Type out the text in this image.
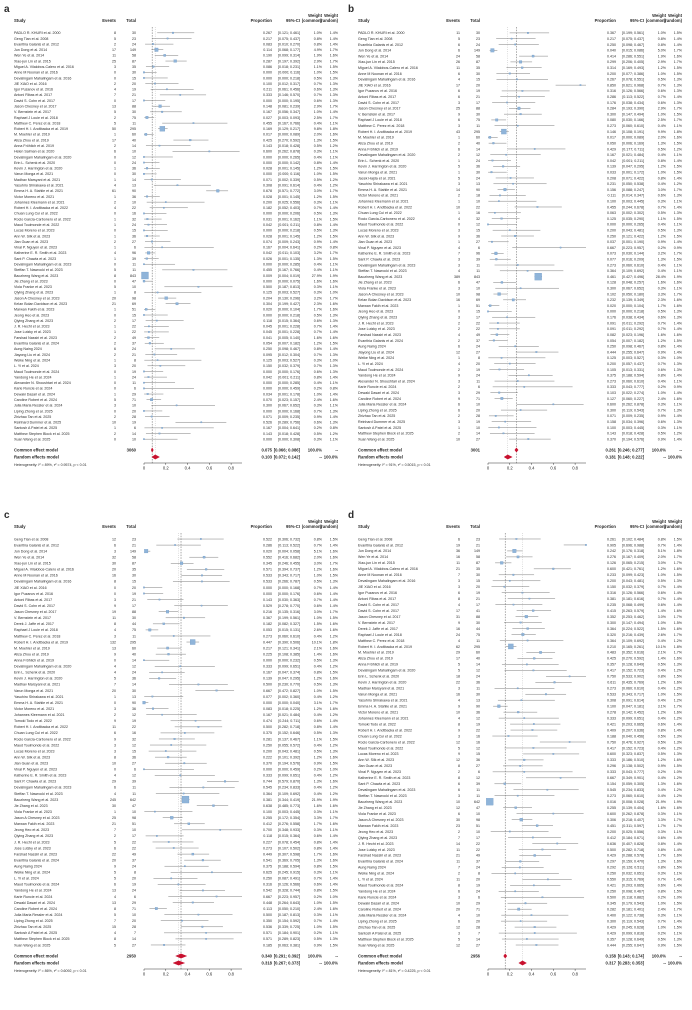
a
Study	Events Total	Proportion	95%-CI
Weight
(common)
Weight
(random)
PADLO R. KHURI et al. 2000	8	30	0.267 [0.121; 0.461]	1.0% 1.4%
Geng Tian et al. 2008	5	23	0.217 [0.075; 0.437]	0.8% 1.4%
Evanthia Galanis et al. 2012	2	24	0.083 [0.010; 0.270]	0.8% 1.4%
Jun Dong et al. 2014	17	149	0.114 [0.068; 0.177]	4.9% 1.7%
Wen Ye et al. 2014	11	58	0.190 [0.099; 0.314]	1.9% 1.6%
Xiao-jun Lin et al. 2015	25	87	0.287 [0.197; 0.392]	2.9% 1.7%
Miguel A. Vilalobos-Calero et al. 2016	3	35	0.086 [0.018; 0.231]	1.1% 1.5%
Anne M Noonan et al. 2016	0	30	0.000 [0.000; 0.116]	1.0% 1.5%
Devalingam Mahalingam et al. 2016	0	15	0.000 [0.000; 0.218]	0.5% 1.3%
JIE XIAO et al. 2016	2	20	0.100 [0.012; 0.317]	0.7% 1.3%
Igor Puzanov et al. 2016	4	19	0.211 [0.061; 0.456]	0.6% 1.3%
Antoni Ribas et al. 2017	7	21	0.333 [0.146; 0.570]	0.7% 1.3%
David S. Cohn et al. 2017	0	17	0.000 [0.000; 0.195]	0.6% 1.3%
Jason Chesney et al. 2017	13	88	0.148 [0.081; 0.239]	2.9% 1.7%
V. Bernstein et al. 2017	5	30	0.167 [0.056; 0.347]	1.0% 1.4%
Raphael J Louie et al. 2018	2	75	0.027 [0.003; 0.093]	2.5% 1.7%
Matthew C. Perez et al. 2018	5	11	0.455 [0.167; 0.766]	0.4% 1.1%
Robert H. I. Andtbacka et al. 2019	50	295	0.169 [0.129; 0.217]	9.8% 1.8%
M. Moehler et al. 2019	1	60	0.017 [0.000; 0.089]	2.0% 1.6%
Aliza Zhou et al. 2019	17	40	0.425 [0.270; 0.592]	1.3% 1.5%
Anna Fröhlich et al. 2019	2	14	0.143 [0.018; 0.428]	0.5% 1.2%
Helen Salman et al. 2020	6	10	0.600 [0.262; 0.878]	0.3% 1.1%
Devalingam Mahalingam et al. 2020	0	12	0.000 [0.000; 0.265]	0.4% 1.1%
Erin L. Schenk et al. 2020	0	24	0.000 [0.000; 0.142]	0.8% 1.4%
Kevin J. Harrington et al. 2020	1	36	0.028 [0.001; 0.145]	1.2% 1.5%
Varun Monga et al. 2021	0	30	0.000 [0.000; 0.116]	1.0% 1.5%
Madhav Marsyani et al. 2021	1	14	0.071 [0.002; 0.339]	0.5% 1.2%
Yasuhiro Shirakawa et al. 2021	4	13	0.308 [0.091; 0.614]	0.4% 1.2%
Emma H. A. Stahlie et al. 2021	61	90	0.678 [0.571; 0.772]	3.0% 1.7%
Victor Moreno et al. 2021	1	36	0.028 [0.001; 0.145]	1.2% 1.5%
Johannes Kleemann et al. 2021	2	10	0.200 [0.025; 0.556]	0.3% 1.1%
Robert H. I. Andtbacka et al. 2022	4	22	0.182 [0.052; 0.403]	0.7% 1.4%
Chuan Lung Cui et al. 2022	0	16	0.000 [0.000; 0.206]	0.5% 1.3%
Rocio Garcia-Carbonero et al. 2022	1	32	0.031 [0.001; 0.162]	1.1% 1.5%
Maud Toulmonde et al. 2022	1	24	0.042 [0.001; 0.211]	0.8% 1.4%
Lucas Moreno et al. 2023	0	15	0.000 [0.000; 0.218]	0.5% 1.3%
Ann W. Silk et al. 2023	1	36	0.028 [0.001; 0.145]	1.2% 1.5%
Jian Guan et al. 2023	2	27	0.074 [0.009; 0.243]	0.9% 1.4%
Vinal P. Nguyen et al. 2023	1	6	0.167 [0.004; 0.641]	0.2% 0.8%
Katherine E. R. Smith et al. 2023	4	96	0.042 [0.011; 0.103]	3.2% 1.7%
Sant P. Chawla et al. 2023	1	39	0.026 [0.001; 0.135]	1.3% 1.5%
Devalingam Mahalingam et al. 2023	0	11	0.000 [0.000; 0.285]	0.4% 1.1%
Steffan T. Nawrocki et al. 2023	5	11	0.455 [0.167; 0.766]	0.4% 1.1%
Baozheng Wang et al. 2023	8	843	0.009 [0.004; 0.019]	27.9% 1.9%
Jie Zhang et al. 2023	0	47	0.000 [0.000; 0.075]	1.6% 1.6%
Viola Franke et al. 2023	5	10	0.500 [0.187; 0.813]	0.3% 1.1%
Qiying Zhang et al. 2023	1	8	0.125 [0.003; 0.527]	0.3% 1.0%
Jason A Chesney et al. 2023	20	98	0.204 [0.130; 0.296]	3.2% 1.7%
Kelan Bolan Davidson et al. 2023	21	69	0.304 [0.199; 0.427]	2.3% 1.6%
Marwan Fakih et al. 2023	1	51	0.020 [0.000; 0.104]	1.7% 1.6%
Jeong Heo et al. 2023	0	15	0.000 [0.000; 0.218]	0.5% 1.3%
Qiying Zhang et al. 2023	2	17	0.118 [0.015; 0.364]	0.6% 1.3%
J. R. Hecht et al. 2023	1	22	0.045 [0.001; 0.228]	0.7% 1.4%
Jose Lutzky et al. 2023	1	22	0.045 [0.001; 0.228]	0.7% 1.4%
Farshad Nassiri et al. 2023	2	49	0.041 [0.005; 0.140]	1.6% 1.6%
Evanthia Galanis et al. 2024	2	37	0.054 [0.007; 0.182]	1.2% 1.5%
Aung Naing 2024	6	24	0.250 [0.098; 0.467]	0.8% 1.4%
Jiayong Liu et al. 2024	2	21	0.095 [0.012; 0.304]	0.7% 1.3%
Weike Ning et al. 2024	1	8	0.125 [0.003; 0.527]	0.3% 1.0%
L. Yi et al. 2024	3	20	0.150 [0.032; 0.379]	0.7% 1.3%
Maud Toulmonde et al. 2024	0	19	0.000 [0.000; 0.176]	0.6% 1.3%
Yandong He et al. 2024	1	24	0.042 [0.001; 0.211]	0.8% 1.4%
Alexander N. Shoushtari et al. 2024	0	11	0.000 [0.000; 0.285]	0.4% 1.1%
Karie Runcie et al. 2024	0	6	0.000 [0.000; 0.459]	0.2% 0.8%
Dewaki Dasari et al. 2024	1	29	0.034 [0.001; 0.178]	1.0% 1.4%
Caroline Robert et al. 2024	5	71	0.070 [0.023; 0.157]	2.4% 1.6%
Julia Maria Ressler et al. 2024	3	10	0.300 [0.067; 0.652]	0.3% 1.1%
Liping Zhong et al. 2025	0	20	0.000 [0.000; 0.168]	0.7% 1.3%
Zhizhao Tan et al. 2025	2	28	0.071 [0.009; 0.235]	0.9% 1.4%
Reinhard Dummer et al. 2025	10	19	0.526 [0.289; 0.756]	0.6% 1.3%
Santosh A Patel et al. 2025	1	6	0.167 [0.004; 0.641]	0.2% 0.8%
Matthew Stephen Block et al. 2025	2	14	0.143 [0.018; 0.428]	0.5% 1.2%
Xuan Wang et al. 2025	0	10	0.000 [0.000; 0.308]	0.3% 1.1%
Common effect model	3060	0.075 [0.066; 0.086] 100.0%	--
Random effects model	0.103 [0.072; 0.142]	-- 100.0%
Heterogeneity: I² = 89%, τ² = 0.9574, p < 0.01
0	0.2	0.4	0.6	0.8
b
Study	Events Total	Proportion	95%-CI
Weight
(common)
Weight
(random)
PADLO R. KHURI et al. 2000	11	30	0.367 [0.199; 0.561]	1.0% 1.5%
Geng Tian et al. 2008	5	23	0.217 [0.075; 0.437]	0.8% 1.4%
Evanthia Galanis et al. 2012	6	24	0.250 [0.098; 0.467]	0.8% 1.4%
Jun Dong et al. 2014	6	149	0.040 [0.015; 0.086]	5.0% 1.7%
Wen Ye et al. 2014	24	58	0.414 [0.286; 0.551]	1.9% 1.6%
Xiao-jun Lin et al. 2015	26	87	0.299 [0.206; 0.405]	2.9% 1.7%
Miguel A. Vilalobos-Calero et al. 2016	11	35	0.314 [0.169; 0.493]	1.2% 1.5%
Anne M Noonan et al. 2016	6	30	0.200 [0.077; 0.386]	1.0% 1.5%
Devalingam Mahalingam et al. 2016	4	15	0.267 [0.078; 0.551]	0.5% 1.3%
JIE XIAO et al. 2016	17	20	0.850 [0.621; 0.968]	0.7% 1.3%
Igor Puzanov et al. 2016	6	19	0.316 [0.126; 0.566]	0.6% 1.3%
Antoni Ribas et al. 2017	6	21	0.286 [0.113; 0.522]	0.7% 1.4%
David S. Cohn et al. 2017	3	17	0.176 [0.038; 0.434]	0.6% 1.3%
Jason Chesney et al. 2017	25	88	0.284 [0.193; 0.390]	2.9% 1.7%
V. Bernstein et al. 2017	9	30	0.300 [0.147; 0.494]	1.0% 1.5%
Raphael J Louie et al. 2018	6	75	0.080 [0.030; 0.166]	2.5% 1.7%
Matthew C. Perez et al. 2018	3	11	0.273 [0.060; 0.610]	0.4% 1.1%
Robert H. I. Andtbacka et al. 2019	43	295	0.146 [0.108; 0.191]	9.9% 1.8%
M. Moehler et al. 2019	1	60	0.017 [0.000; 0.089]	2.0% 1.6%
Aliza Zhou et al. 2019	2	40	0.050 [0.006; 0.169]	1.3% 1.5%
Anna Fröhlich et al. 2019	6	14	0.429 [0.177; 0.711]	0.5% 1.2%
Devalingam Mahalingam et al. 2020	2	12	0.167 [0.021; 0.484]	0.4% 1.1%
Erin L. Schenk et al. 2020	1	24	0.042 [0.001; 0.211]	0.8% 1.4%
Kevin J. Harrington et al. 2020	5	36	0.139 [0.047; 0.295]	1.2% 1.5%
Varun Monga et al. 2021	1	30	0.033 [0.001; 0.172]	1.0% 1.5%
Jacek Hajda et al. 2021	5	24	0.208 [0.071; 0.422]	0.8% 1.4%
Yasuhiro Shirakawa et al. 2021	3	13	0.231 [0.050; 0.538]	0.4% 1.2%
Emma H. A. Stahlie et al. 2021	14	90	0.156 [0.088; 0.247]	3.0% 1.7%
Victor Moreno et al. 2021	2	18	0.111 [0.014; 0.347]	0.6% 1.3%
Johannes Kleemann et al. 2021	1	10	0.100 [0.003; 0.445]	0.3% 1.1%
Robert H. I. Andtbacka et al. 2022	10	22	0.455 [0.244; 0.678]	0.7% 1.4%
Chuan Lung Cui et al. 2022	1	16	0.063 [0.002; 0.302]	0.5% 1.3%
Rocio Garcia-Carbonero et al. 2022	4	32	0.125 [0.035; 0.290]	1.1% 1.5%
Maud Toulmonde et al. 2022	0	12	0.000 [0.000; 0.265]	0.4% 1.1%
Lucas Moreno et al. 2023	3	15	0.200 [0.043; 0.481]	0.5% 1.3%
Ann W. Silk et al. 2023	9	36	0.250 [0.121; 0.422]	1.2% 1.5%
Jian Guan et al. 2023	1	27	0.037 [0.001; 0.190]	0.9% 1.4%
Vinal P. Nguyen et al. 2023	4	6	0.667 [0.223; 0.957]	0.2% 0.9%
Katherine E. R. Smith et al. 2023	7	96	0.073 [0.030; 0.144]	3.2% 1.7%
Sant P. Chawla et al. 2023	3	39	0.077 [0.016; 0.209]	1.3% 1.5%
Devalingam Mahalingam et al. 2023	3	11	0.273 [0.060; 0.610]	0.4% 1.1%
Steffan T. Nawrocki et al. 2023	4	11	0.364 [0.109; 0.692]	0.4% 1.1%
Baozheng Wang et al. 2023	389	843	0.461 [0.427; 0.496]	28.4% 1.9%
Jie Zhang et al. 2023	6	47	0.128 [0.048; 0.257]	1.6% 1.6%
Viola Franke et al. 2023	3	10	0.300 [0.067; 0.652]	0.3% 1.1%
Jason A Chesney et al. 2023	10	98	0.102 [0.050; 0.180]	3.3% 1.7%
Kelan Bolan Davidson et al. 2023	16	69	0.232 [0.139; 0.349]	2.3% 1.6%
Marwan Fakih et al. 2023	1	51	0.020 [0.000; 0.104]	1.7% 1.6%
Jeong Heo et al. 2023	0	15	0.000 [0.000; 0.218]	0.5% 1.3%
Qiying Zhang et al. 2023	3	17	0.176 [0.038; 0.434]	0.6% 1.3%
J. R. Hecht et al. 2023	2	22	0.091 [0.011; 0.292]	0.7% 1.4%
Jose Lutzky et al. 2023	2	22	0.091 [0.011; 0.292]	0.7% 1.4%
Farshad Nassiri et al. 2023	4	49	0.082 [0.023; 0.196]	1.6% 1.6%
Evanthia Galanis et al. 2024	2	37	0.054 [0.007; 0.182]	1.2% 1.5%
Aung Naing 2024	6	24	0.250 [0.098; 0.467]	0.8% 1.4%
Jiayong Liu et al. 2024	12	27	0.444 [0.255; 0.647]	0.9% 1.4%
Weike Ning et al. 2024	1	8	0.125 [0.003; 0.527]	0.3% 1.0%
L. Yi et al. 2024	4	20	0.200 [0.057; 0.437]	0.7% 1.3%
Maud Toulmonde et al. 2024	2	19	0.105 [0.013; 0.331]	0.6% 1.3%
Yandong He et al. 2024	9	24	0.375 [0.188; 0.594]	0.8% 1.4%
Alexander N. Shoushtari et al. 2024	3	11	0.273 [0.060; 0.610]	0.4% 1.1%
Karie Runcie et al. 2024	2	6	0.333 [0.043; 0.777]	0.2% 0.9%
Dewaki Dasari et al. 2024	3	29	0.103 [0.022; 0.274]	1.0% 1.4%
Caroline Robert et al. 2024	9	71	0.127 [0.060; 0.227]	2.4% 1.6%
Julia Maria Ressler et al. 2024	6	10	0.600 [0.262; 0.878]	0.3% 1.1%
Liping Zhong et al. 2025	6	20	0.300 [0.119; 0.543]	0.7% 1.3%
Zhizhao Tan et al. 2025	2	28	0.071 [0.009; 0.235]	0.9% 1.4%
Reinhard Dummer et al. 2025	3	19	0.158 [0.034; 0.396]	0.6% 1.3%
Santosh A Patel et al. 2025	1	10	0.100 [0.003; 0.445]	0.3% 1.1%
Matthew Stephen Block et al. 2025	2	14	0.143 [0.018; 0.428]	0.5% 1.2%
Xuan Wang et al. 2025	10	27	0.370 [0.194; 0.576]	0.9% 1.4%
Common effect model	3001	0.261 [0.246; 0.277] 100.0%	--
Random effects model	0.181 [0.148; 0.222]	-- 100.0%
Heterogeneity: I² = 91%, τ² = 0.5015, p < 0.01
0	0.2	0.4	0.6	0.8
c
Study	Events Total	Proportion	95%-CI
Weight
(common)
Weight
(random)
Geng Tian et al. 2008	12	23	0.522 [0.306; 0.732]	0.8% 1.5%
Evanthia Galanis et al. 2012	6	21	0.286 [0.113; 0.522]	0.7% 1.4%
Jun Dong et al. 2014	3	149	0.020 [0.004; 0.058]	5.1% 1.6%
Wen Ye et al. 2014	32	58	0.552 [0.416; 0.682]	2.0% 1.6%
Xiao-jun Lin et al. 2015	30	87	0.345 [0.246; 0.455]	3.0% 1.7%
Miguel A. Vilalobos-Calero et al. 2016	20	35	0.571 [0.394; 0.737]	1.2% 1.6%
Anne M Noonan et al. 2016	16	30	0.533 [0.343; 0.717]	1.0% 1.5%
Devalingam Mahalingam et al. 2016	8	15	0.533 [0.266; 0.787]	0.5% 1.3%
JIE XIAO et al. 2016	0	20	0.000 [0.000; 0.168]	0.7% 1.4%
Igor Puzanov et al. 2016	0	19	0.000 [0.000; 0.176]	0.6% 1.4%
Antoni Ribas et al. 2017	3	21	0.143 [0.030; 0.363]	0.7% 1.4%
David S. Cohn et al. 2017	9	17	0.529 [0.278; 0.770]	0.6% 1.4%
Jason Chesney et al. 2017	19	88	0.216 [0.135; 0.316]	3.0% 1.7%
V. Bernstein et al. 2017	11	30	0.367 [0.199; 0.561]	1.0% 1.5%
Derek J. Jaffe et al. 2017	8	44	0.182 [0.082; 0.327]	1.5% 1.6%
Raphael J Louie et al. 2018	4	75	0.053 [0.015; 0.131]	2.6% 1.6%
Matthew C. Perez et al. 2018	3	11	0.273 [0.060; 0.610]	0.4% 1.2%
Robert H. I. Andtbacka et al. 2019	132	295	0.447 [0.390; 0.506]	10.1% 1.8%
M. Moehler et al. 2019	13	60	0.217 [0.121; 0.341]	2.1% 1.6%
Aliza Zhou et al. 2019	9	40	0.225 [0.108; 0.385]	1.4% 1.6%
Anna Fröhlich et al. 2019	0	14	0.000 [0.000; 0.232]	0.5% 1.3%
Devalingam Mahalingam et al. 2020	4	12	0.333 [0.099; 0.651]	0.4% 1.2%
Erin L. Schenk et al. 2020	4	24	0.167 [0.047; 0.374]	0.8% 1.5%
Kevin J. Harrington et al. 2020	5	36	0.139 [0.047; 0.295]	1.2% 1.6%
Madhav Marsyani et al. 2021	7	14	0.500 [0.230; 0.770]	0.5% 1.3%
Varun Monga et al. 2021	20	30	0.667 [0.472; 0.827]	1.0% 1.5%
Yasuhiro Shirakawa et al. 2021	1	13	0.077 [0.002; 0.360]	0.4% 1.2%
Emma H. A. Stahlie et al. 2021	0	90	0.000 [0.000; 0.040]	3.1% 1.7%
Victor Moreno et al. 2021	3	36	0.083 [0.018; 0.225]	1.2% 1.6%
Johannes Kleemann et al. 2021	2	12	0.167 [0.021; 0.484]	0.4% 1.2%
Tomoki Todo et al. 2022	9	19	0.474 [0.244; 0.711]	0.6% 1.4%
Robert H. I. Andtbacka et al. 2022	11	22	0.500 [0.282; 0.718]	0.8% 1.4%
Chuan Lung Cui et al. 2022	6	16	0.375 [0.152; 0.646]	0.5% 1.3%
Rocio Garcia-Carbonero et al. 2022	9	32	0.281 [0.137; 0.467]	1.1% 1.5%
Maud Toulmonde et al. 2022	3	12	0.250 [0.055; 0.572]	0.4% 1.2%
Lucas Moreno et al. 2023	3	15	0.200 [0.043; 0.481]	0.5% 1.3%
Ann W. Silk et al. 2023	8	36	0.222 [0.101; 0.392]	1.2% 1.6%
Jian Guan et al. 2023	10	27	0.370 [0.194; 0.576]	0.9% 1.5%
Vinal P. Nguyen et al. 2023	0	6	0.000 [0.000; 0.459]	0.2% 1.0%
Katherine E. R. Smith et al. 2023	4	12	0.333 [0.099; 0.651]	0.4% 1.2%
Sant P. Chawla et al. 2023	29	39	0.744 [0.579; 0.870]	1.3% 1.6%
Devalingam Mahalingam et al. 2023	6	11	0.545 [0.234; 0.833]	0.4% 1.2%
Steffan T. Nawrocki et al. 2023	4	11	0.364 [0.109; 0.692]	0.4% 1.2%
Baozheng Wang et al. 2023	245	642	0.381 [0.344; 0.419]	21.9% 1.9%
Jie Zhang et al. 2023	30	47	0.638 [0.485; 0.773]	1.6% 1.6%
Viola Franke et al. 2023	1	10	0.100 [0.003; 0.445]	0.3% 1.1%
Jason A Chesney et al. 2023	25	98	0.255 [0.172; 0.354]	3.3% 1.7%
Marwan Fakih et al. 2023	21	51	0.412 [0.276; 0.558]	1.7% 1.6%
Jeong Heo et al. 2023	7	10	0.700 [0.348; 0.933]	0.3% 1.1%
Qiying Zhang et al. 2023	2	17	0.118 [0.015; 0.364]	0.6% 1.4%
J. R. Hecht et al. 2023	5	22	0.227 [0.078; 0.454]	0.8% 1.4%
Jose Lutzky et al. 2023	6	22	0.273 [0.107; 0.502]	0.8% 1.4%
Farshad Nassiri et al. 2023	22	49	0.449 [0.307; 0.598]	1.7% 1.6%
Evanthia Galanis et al. 2024	20	37	0.541 [0.369; 0.705]	1.3% 1.6%
Aung Naing 2024	9	24	0.375 [0.188; 0.594]	0.8% 1.5%
Weike Ning et al. 2024	5	8	0.625 [0.245; 0.915]	0.3% 1.1%
L. Yi et al. 2024	5	20	0.250 [0.087; 0.491]	0.7% 1.4%
Maud Toulmonde et al. 2024	6	19	0.316 [0.126; 0.566]	0.6% 1.4%
Yandong He et al. 2024	13	24	0.542 [0.328; 0.744]	0.8% 1.5%
Karie Runcie et al. 2024	4	6	0.667 [0.223; 0.957]	0.2% 1.0%
Dewaki Dasari et al. 2024	13	29	0.448 [0.264; 0.643]	1.0% 1.5%
Caroline Robert et al. 2024	8	71	0.113 [0.050; 0.210]	2.4% 1.6%
Julia Maria Ressler et al. 2024	5	10	0.500 [0.187; 0.813]	0.3% 1.1%
Liping Zhong et al. 2025	7	20	0.350 [0.154; 0.592]	0.7% 1.4%
Zhizhao Tan et al. 2025	15	28	0.536 [0.339; 0.725]	1.0% 1.5%
Santosh A Patel et al. 2025	4	7	0.571 [0.184; 0.901]	0.2% 1.1%
Matthew Stephen Block et al. 2025	8	14	0.571 [0.289; 0.823]	0.5% 1.3%
Xuan Wang et al. 2025	5	27	0.185 [0.063; 0.381]	0.9% 1.5%
Common effect model	2950	0.340 [0.291; 0.392] 100.0%	--
Random effects model	0.318 [0.267; 0.373]	-- 100.0%
Heterogeneity: I² = 86%, τ² = 0.6092, p < 0.01
0	0.2	0.4	0.6	0.8
d
Study	Events Total	Proportion	95%-CI
Weight
(common)
Weight
(random)
Geng Tian et al. 2008	6	23	0.261 [0.102; 0.484]	0.8% 1.5%
Evanthia Galanis et al. 2012	19	21	0.905 [0.696; 0.988]	0.7% 1.4%
Jun Dong et al. 2014	36	149	0.242 [0.176; 0.318]	5.1% 1.8%
Wen Ye et al. 2014	16	58	0.276 [0.167; 0.409]	2.0% 1.7%
Xiao-jun Lin et al. 2015	11	87	0.126 [0.065; 0.215]	3.0% 1.7%
Miguel A. Vilalobos-Calero et al. 2016	21	35	0.600 [0.421; 0.761]	1.2% 1.6%
Anne M Noonan et al. 2016	7	30	0.233 [0.099; 0.423]	1.0% 1.5%
Devalingam Mahalingam et al. 2016	3	15	0.200 [0.043; 0.481]	0.5% 1.3%
JIE XIAO et al. 2016	3	20	0.150 [0.032; 0.379]	0.7% 1.4%
Igor Puzanov et al. 2016	6	19	0.316 [0.126; 0.566]	0.6% 1.4%
Antoni Ribas et al. 2017	8	21	0.381 [0.181; 0.616]	0.7% 1.4%
David S. Cohn et al. 2017	4	17	0.235 [0.068; 0.499]	0.6% 1.4%
David S. Cohn et al. 2017	17	41	0.415 [0.263; 0.579]	1.4% 1.6%
Jason Chesney et al. 2017	31	88	0.352 [0.253; 0.462]	3.0% 1.7%
V. Bernstein et al. 2017	9	30	0.300 [0.147; 0.494]	1.0% 1.5%
Derek J. Jaffe et al. 2017	16	44	0.364 [0.224; 0.522]	1.5% 1.6%
Raphael J Louie et al. 2018	24	75	0.320 [0.216; 0.439]	2.6% 1.7%
Matthew C. Perez et al. 2018	4	11	0.364 [0.109; 0.692]	0.4% 1.2%
Robert H. I. Andtbacka et al. 2019	62	295	0.210 [0.165; 0.261]	10.1% 1.8%
M. Moehler et al. 2019	29	60	0.483 [0.352; 0.616]	2.1% 1.7%
Aliza Zhou et al. 2019	17	40	0.425 [0.270; 0.592]	1.4% 1.6%
Anna Fröhlich et al. 2019	5	14	0.357 [0.128; 0.649]	0.5% 1.3%
Devalingam Mahalingam et al. 2020	5	12	0.417 [0.152; 0.723]	0.4% 1.2%
Erin L. Schenk et al. 2020	18	24	0.750 [0.533; 0.902]	0.8% 1.5%
Kevin J. Harrington et al. 2020	22	36	0.611 [0.435; 0.769]	1.2% 1.6%
Madhav Marsyani et al. 2021	3	11	0.273 [0.060; 0.610]	0.4% 1.2%
Varun Monga et al. 2021	16	30	0.533 [0.343; 0.717]	1.0% 1.5%
Yasuhiro Shirakawa et al. 2021	4	13	0.308 [0.091; 0.614]	0.4% 1.2%
Emma H. A. Stahlie et al. 2021	9	90	0.100 [0.047; 0.181]	3.1% 1.7%
Victor Moreno et al. 2021	10	36	0.278 [0.142; 0.452]	1.2% 1.6%
Johannes Kleemann et al. 2021	4	12	0.333 [0.099; 0.651]	0.4% 1.2%
Tomoki Todo et al. 2022	8	19	0.421 [0.203; 0.665]	0.6% 1.4%
Robert H. I. Andtbacka et al. 2022	9	22	0.409 [0.207; 0.636]	0.8% 1.4%
Chuan Lung Cui et al. 2022	3	16	0.188 [0.040; 0.456]	0.5% 1.3%
Rocio Garcia-Carbonero et al. 2022	12	16	0.750 [0.476; 0.927]	0.5% 1.3%
Maud Toulmonde et al. 2022	5	12	0.417 [0.152; 0.723]	0.4% 1.2%
Lucas Moreno et al. 2023	9	15	0.600 [0.323; 0.837]	0.5% 1.3%
Ann W. Silk et al. 2023	12	36	0.333 [0.186; 0.510]	1.2% 1.6%
Jian Guan et al. 2023	8	27	0.296 [0.138; 0.502]	0.9% 1.5%
Vinal P. Nguyen et al. 2023	2	6	0.333 [0.043; 0.777]	0.2% 1.0%
Katherine E. R. Smith et al. 2023	8	12	0.667 [0.349; 0.901]	0.4% 1.2%
Sant P. Chawla et al. 2023	6	39	0.154 [0.059; 0.305]	1.3% 1.6%
Devalingam Mahalingam et al. 2023	6	11	0.545 [0.234; 0.833]	0.4% 1.2%
Steffan T. Nawrocki et al. 2023	3	11	0.273 [0.060; 0.610]	0.4% 1.2%
Baozheng Wang et al. 2023	10	642	0.016 [0.008; 0.028]	21.9% 1.9%
Jie Zhang et al. 2023	12	47	0.255 [0.139; 0.404]	1.6% 1.6%
Viola Franke et al. 2023	6	10	0.600 [0.262; 0.878]	0.3% 1.1%
Jason A Chesney et al. 2023	30	98	0.306 [0.218; 0.407]	3.3% 1.7%
Marwan Fakih et al. 2023	23	51	0.451 [0.311; 0.597]	1.7% 1.7%
Jeong Heo et al. 2023	2	10	0.200 [0.025; 0.556]	0.3% 1.1%
Qiying Zhang et al. 2023	7	17	0.412 [0.184; 0.671]	0.6% 1.4%
J. R. Hecht et al. 2023	14	22	0.636 [0.407; 0.828]	0.8% 1.4%
Jose Lutzky et al. 2023	11	22	0.500 [0.282; 0.718]	0.8% 1.4%
Farshad Nassiri et al. 2023	21	49	0.429 [0.288; 0.578]	1.7% 1.6%
Evanthia Galanis et al. 2024	11	37	0.297 [0.159; 0.470]	1.3% 1.6%
Aung Naing 2024	7	24	0.292 [0.126; 0.511]	0.8% 1.5%
Weike Ning et al. 2024	2	8	0.250 [0.032; 0.651]	0.3% 1.1%
L. Yi et al. 2024	11	20	0.550 [0.315; 0.769]	0.7% 1.4%
Maud Toulmonde et al. 2024	8	19	0.421 [0.203; 0.665]	0.6% 1.4%
Yandong He et al. 2024	6	24	0.250 [0.098; 0.467]	0.8% 1.5%
Karie Runcie et al. 2024	3	6	0.500 [0.118; 0.882]	0.2% 1.0%
Dewaki Dasari et al. 2024	10	29	0.345 [0.179; 0.543]	1.0% 1.5%
Caroline Robert et al. 2024	20	71	0.282 [0.181; 0.401]	2.4% 1.7%
Julia Maria Ressler et al. 2024	4	10	0.400 [0.122; 0.738]	0.3% 1.1%
Liping Zhong et al. 2025	6	20	0.300 [0.119; 0.543]	0.7% 1.4%
Zhizhao Tan et al. 2025	12	28	0.429 [0.245; 0.628]	1.0% 1.5%
Santosh A Patel et al. 2025	3	7	0.429 [0.099; 0.816]	0.2% 1.1%
Matthew Stephen Block et al. 2025	5	14	0.357 [0.128; 0.649]	0.5% 1.3%
Xuan Wang et al. 2025	12	27	0.444 [0.255; 0.647]	0.9% 1.5%
Common effect model	2956	0.158 [0.143; 0.174] 100.0%	--
Random effects model	0.317 [0.283; 0.353]	-- 100.0%
Heterogeneity: I² = 81%, τ² = 0.4225, p < 0.01
0	0.2	0.4	0.6	0.8
